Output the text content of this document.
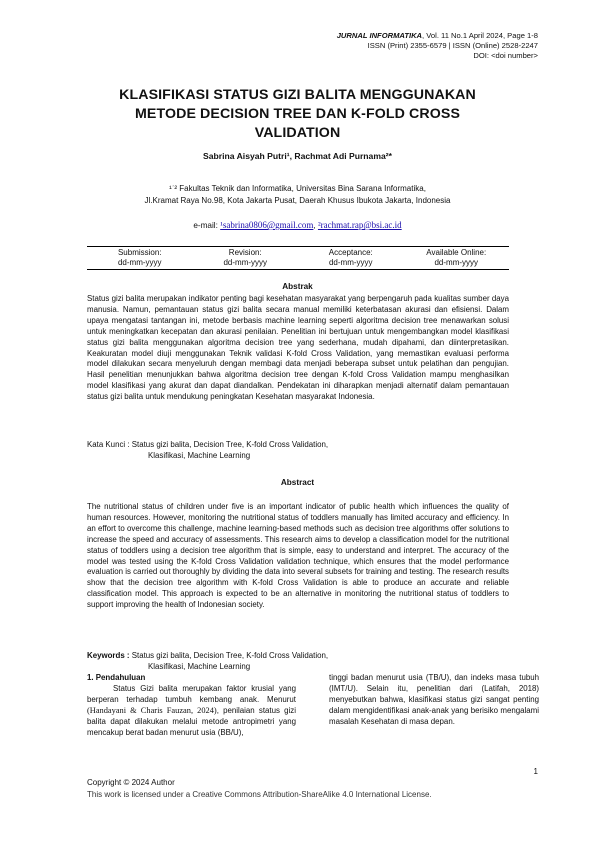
JURNAL INFORMATIKA, Vol. 11 No.1 April 2024, Page 1-8
ISSN (Print) 2355-6579 | ISSN (Online) 2528-2247
DOI: <doi number>
KLASIFIKASI STATUS GIZI BALITA MENGGUNAKAN
METODE DECISION TREE DAN K-FOLD CROSS
VALIDATION
Sabrina Aisyah Putri¹, Rachmat Adi Purnama²*
¹ʾ² Fakultas Teknik dan Informatika, Universitas Bina Sarana Informatika,
Jl.Kramat Raya No.98, Kota Jakarta Pusat, Daerah Khusus Ibukota Jakarta, Indonesia
e-mail: ¹sabrina0806@gmail.com, ²rachmat.rap@bsi.ac.id
Submission:
dd-mm-yyyy
Revision:
dd-mm-yyyy
Acceptance:
dd-mm-yyyy
Available Online:
dd-mm-yyyy
Abstrak
Status gizi balita merupakan indikator penting bagi kesehatan masyarakat yang berpengaruh pada kualitas sumber daya manusia. Namun, pemantauan status gizi balita secara manual memiliki keterbatasan akurasi dan efisiensi. Dalam upaya mengatasi tantangan ini, metode berbasis machine learning seperti algoritma decision tree menawarkan solusi untuk meningkatkan kecepatan dan akurasi penilaian. Penelitian ini bertujuan untuk mengembangkan model klasifikasi status gizi balita menggunakan algoritma decision tree yang sederhana, mudah dipahami, dan diinterpretasikan. Keakuratan model diuji menggunakan Teknik validasi K-fold Cross Validation, yang memastikan evaluasi performa model dilakukan secara menyeluruh dengan membagi data menjadi beberapa subset untuk pelatihan dan pengujian. Hasil penelitian menunjukkan bahwa algoritma decision tree dengan K-fold Cross Validation mampu menghasilkan model klasifikasi yang akurat dan dapat diandalkan. Pendekatan ini diharapkan menjadi alternatif dalam pemantauan status gizi balita untuk mendukung peningkatan Kesehatan masyarakat Indonesia.
Kata Kunci : Status gizi balita, Decision Tree, K-fold Cross Validation,
Klasifikasi, Machine Learning
Abstract
The nutritional status of children under five is an important indicator of public health which influences the quality of human resources. However, monitoring the nutritional status of toddlers manually has limited accuracy and efficiency. In an effort to overcome this challenge, machine learning-based methods such as decision tree algorithms offer solutions to increase the speed and accuracy of assessments. This research aims to develop a classification model for the nutritional status of toddlers using a decision tree algorithm that is simple, easy to understand and interpret. The accuracy of the model was tested using the K-fold Cross Validation validation technique, which ensures that the model performance evaluation is carried out thoroughly by dividing the data into several subsets for training and testing. The research results show that the decision tree algorithm with K-fold Cross Validation is able to produce an accurate and reliable classification model. This approach is expected to be an alternative in monitoring the nutritional status of toddlers to support improving the health of Indonesian society.
Keywords : Status gizi balita, Decision Tree, K-fold Cross Validation,
Klasifikasi, Machine Learning

1. Pendahuluan

Status Gizi balita merupakan faktor krusial yang berperan terhadap tumbuh kembang anak. Menurut (Handayani & Charis Fauzan, 2024), penilaian status gizi balita dapat dilakukan melalui metode antropimetri yang mencakup berat badan menurut usia (BB/U),

tinggi badan menurut usia (TB/U), dan indeks masa tubuh (IMT/U). Selain itu, penelitian dari (Latifah, 2018) menyebutkan bahwa, klasifikasi status gizi sangat penting dalam mengidentifikasi anak-anak yang berisiko mengalami masalah Kesehatan di masa depan.

1
Copyright © 2024 Author
This work is licensed under a Creative Commons Attribution-ShareAlike 4.0 International License.
